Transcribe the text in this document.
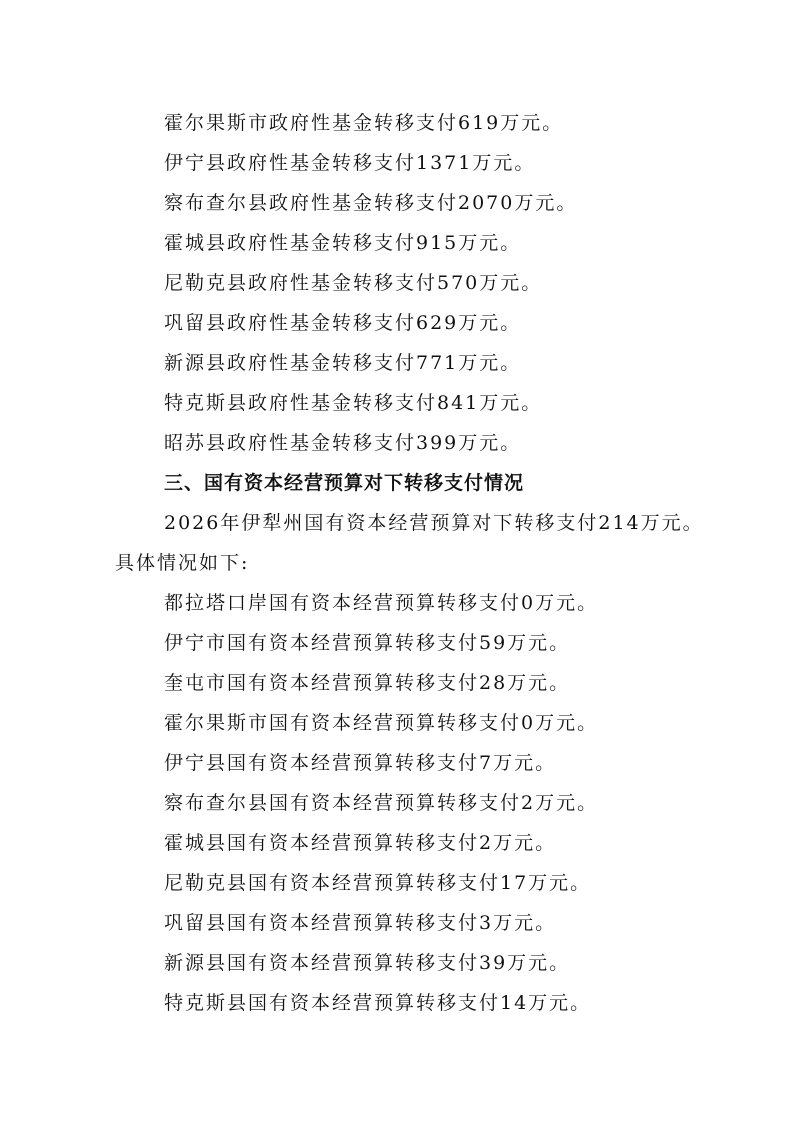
霍尔果斯市政府性基金转移支付619万元。
伊宁县政府性基金转移支付1371万元。
察布查尔县政府性基金转移支付2070万元。
霍城县政府性基金转移支付915万元。
尼勒克县政府性基金转移支付570万元。
巩留县政府性基金转移支付629万元。
新源县政府性基金转移支付771万元。
特克斯县政府性基金转移支付841万元。
昭苏县政府性基金转移支付399万元。
三、国有资本经营预算对下转移支付情况
2026年伊犁州国有资本经营预算对下转移支付214万元。
具体情况如下:
都拉塔口岸国有资本经营预算转移支付0万元。
伊宁市国有资本经营预算转移支付59万元。
奎屯市国有资本经营预算转移支付28万元。
霍尔果斯市国有资本经营预算转移支付0万元。
伊宁县国有资本经营预算转移支付7万元。
察布查尔县国有资本经营预算转移支付2万元。
霍城县国有资本经营预算转移支付2万元。
尼勒克县国有资本经营预算转移支付17万元。
巩留县国有资本经营预算转移支付3万元。
新源县国有资本经营预算转移支付39万元。
特克斯县国有资本经营预算转移支付14万元。
